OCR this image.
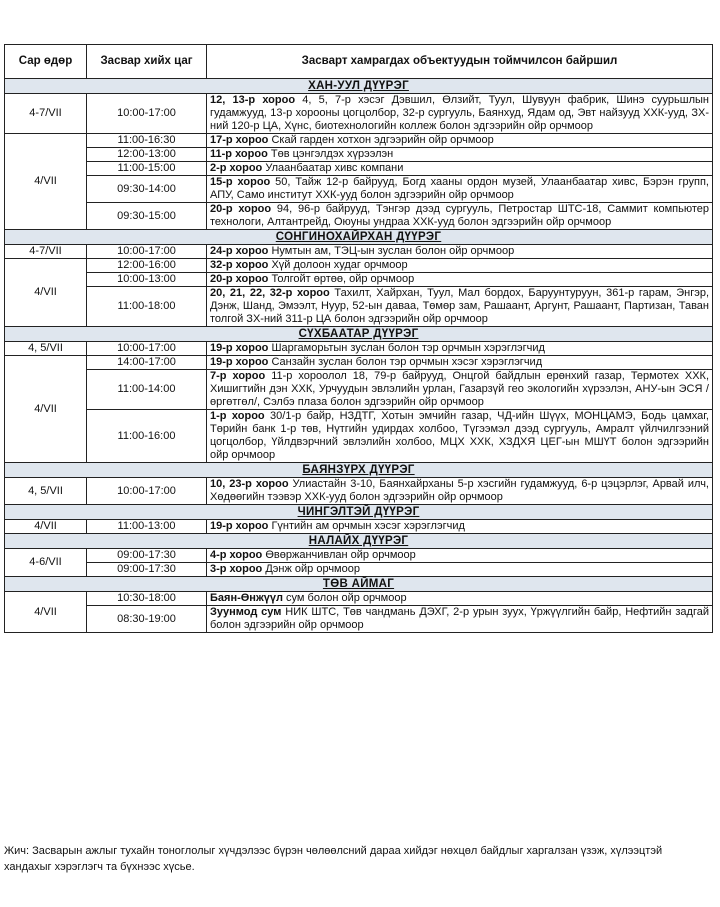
Сар өдөр	Засвар хийх цаг	Засварт хамрагдах объектуудын тоймчилсон байршил
ХАН-УУЛ ДҮҮРЭГ		
4-7/VII	10:00-17:00	12, 13-р хороо 4, 5, 7-р хэсэг Дэвшил, Өлзийт, Туул, Шувуун фабрик, Шинэ суурьшлын гудамжууд, 13-р хорооны цогцолбор, 32-р сургууль, Баянхуд, Ядам од, Эвт найзууд ХХК-ууд, ЗХ-ний 120-р ЦА, Хүнс, биотехнологийн коллеж болон эдгээрийн ойр орчмоор
4/VII	11:00-16:30	17-р хороо Скай гарден хотхон эдгээрийн ойр орчмоор
	12:00-13:00	11-р хороо Төв цэнгэлдэх хүрээлэн
	11:00-15:00	2-р хороо Улаанбаатар хивс компани
	09:30-14:00	15-р хороо 50, Тайж 12-р байрууд, Богд хааны ордон музей, Улаанбаатар хивс, Бэрэн групп, АПУ, Само институт ХХК-ууд болон эдгээрийн ойр орчмоор
	09:30-15:00	20-р хороо 94, 96-р байрууд, Тэнгэр дээд сургууль, Петростар ШТС-18, Саммит компьютер технологи, Алтантрейд, Оюуны ундраа ХХК-ууд болон эдгээрийн ойр орчмоор
СОНГИНОХАЙРХАН ДҮҮРЭГ		
4-7/VII	10:00-17:00	24-р хороо Нумтын ам, ТЭЦ-ын зуслан болон ойр орчмоор
4/VII	12:00-16:00	32-р хороо Хүй долоон худаг орчмоор
	10:00-13:00	20-р хороо Толгойт өртөө, ойр орчмоор
	11:00-18:00	20, 21, 22, 32-р хороо Тахилт, Хайрхан, Туул, Мал бордох, Баруунтуруун, 361-р гарам, Энгэр, Дэнж, Шанд, Эмээлт, Нуур, 52-ын даваа, Төмөр зам, Рашаант, Аргунт, Рашаант, Партизан, Таван толгой ЗХ-ний 311-р ЦА болон эдгээрийн ойр орчмоор
СҮХБААТАР ДҮҮРЭГ		
4, 5/VII	10:00-17:00	19-р хороо Шаргаморьтын зуслан болон тэр орчмын хэрэглэгчид
4/VII	14:00-17:00	19-р хороо Санзайн зуслан болон тэр орчмын хэсэг хэрэглэгчид
	11:00-14:00	7-р хороо 11-р хороолол 18, 79-р байрууд, Онцгой байдлын ерөнхий газар, Термотех ХХК, Хишигтийн дэн ХХК, Урчуудын эвлэлийн урлан, Газарзүй гео экологийн хүрээлэн, АНУ-ын ЭСЯ /өргөтгөл/, Сэлбэ плаза болон эдгээрийн ойр орчмоор
	11:00-16:00	1-р хороо 30/1-р байр, НЗДТГ, Хотын эмчийн газар, ЧД-ийн Шүүх, МОНЦАМЭ, Бодь цамхаг, Төрийн банк 1-р төв, Нүтгийн удирдах холбоо, Түгээмэл дээд сургууль, Амралт үйлчилгээний цогцолбор, Үйлдвэрчний эвлэлийн холбоо, МЦХ ХХК, ХЗДХЯ ЦЕГ-ын МШҮТ болон эдгээрийн ойр орчмоор
БАЯНЗҮРХ ДҮҮРЭГ		
4, 5/VII	10:00-17:00	10, 23-р хороо Улиастайн 3-10, Баянхайрханы 5-р хэсгийн гудамжууд, 6-р цэцэрлэг, Арвай илч, Хөдөөгийн тээвэр ХХК-ууд болон эдгээрийн ойр орчмоор
ЧИНГЭЛТЭЙ ДҮҮРЭГ		
4/VII	11:00-13:00	19-р хороо Гүнтийн ам орчмын хэсэг хэрэглэгчид
НАЛАЙХ ДҮҮРЭГ		
4-6/VII	09:00-17:30	4-р хороо Өвөржанчивлан ойр орчмоор
	09:00-17:30	3-р хороо Дэнж ойр орчмоор
ТӨВ АЙМАГ		
4/VII	10:30-18:00	Баян-Өнжүүл сум болон ойр орчмоор
	08:30-19:00	Зуунмод сум НИК ШТС, Төв чандмань ДЭХГ, 2-р урын зуух, Үржүүлгийн байр, Нефтийн задгай болон эдгээрийн ойр орчмоор
Жич: Засварын ажлыг тухайн тоноглолыг хүчдэлээс бүрэн чөлөөлсний дараа хийдэг нөхцөл байдлыг харгалзан үзэж, хүлээцтэй хандахыг хэрэглэгч та бүхнээс хүсье.
